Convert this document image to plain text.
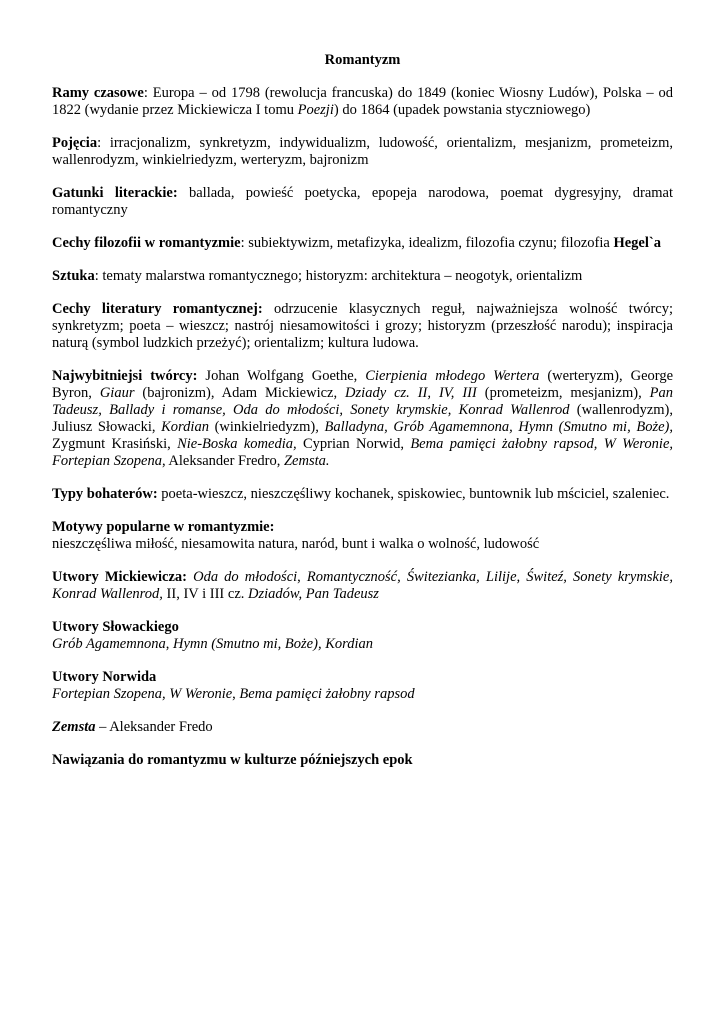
Romantyzm

Ramy czasowe: Europa – od 1798 (rewolucja francuska) do 1849 (koniec Wiosny Ludów), Polska – od 1822 (wydanie przez Mickiewicza I tomu Poezji) do 1864 (upadek powstania styczniowego)

Pojęcia: irracjonalizm, synkretyzm, indywidualizm, ludowość, orientalizm, mesjanizm, prometeizm, wallenrodyzm, winkielriedyzm, werteryzm, bajronizm

Gatunki literackie: ballada, powieść poetycka, epopeja narodowa, poemat dygresyjny, dramat romantyczny

Cechy filozofii w romantyzmie: subiektywizm, metafizyka, idealizm, filozofia czynu; filozofia Hegel`a

Sztuka: tematy malarstwa romantycznego; historyzm: architektura – neogotyk, orientalizm

Cechy literatury romantycznej: odrzucenie klasycznych reguł, najważniejsza wolność twórcy; synkretyzm; poeta – wieszcz; nastrój niesamowitości i grozy; historyzm (przeszłość narodu); inspiracja naturą (symbol ludzkich przeżyć); orientalizm; kultura ludowa.

Najwybitniejsi twórcy: Johan Wolfgang Goethe, Cierpienia młodego Wertera (werteryzm), George Byron, Giaur (bajronizm), Adam Mickiewicz, Dziady cz. II, IV, III (prometeizm, mesjanizm), Pan Tadeusz, Ballady i romanse, Oda do młodości, Sonety krymskie, Konrad Wallenrod (wallenrodyzm), Juliusz Słowacki, Kordian (winkielriedyzm), Balladyna, Grób Agamemnona, Hymn (Smutno mi, Boże), Zygmunt Krasiński, Nie-Boska komedia, Cyprian Norwid, Bema pamięci żałobny rapsod, W Weronie, Fortepian Szopena, Aleksander Fredro, Zemsta.

Typy bohaterów: poeta-wieszcz, nieszczęśliwy kochanek, spiskowiec, buntownik lub mściciel, szaleniec.

Motywy popularne w romantyzmie:
nieszczęśliwa miłość, niesamowita natura, naród, bunt i walka o wolność, ludowość

Utwory Mickiewicza: Oda do młodości, Romantyczność, Świtezianka, Lilije, Świteź, Sonety krymskie, Konrad Wallenrod, II, IV i III cz. Dziadów, Pan Tadeusz

Utwory Słowackiego
Grób Agamemnona, Hymn (Smutno mi, Boże), Kordian

Utwory Norwida
Fortepian Szopena, W Weronie, Bema pamięci żałobny rapsod

Zemsta – Aleksander Fredo

Nawiązania do romantyzmu w kulturze późniejszych epok
